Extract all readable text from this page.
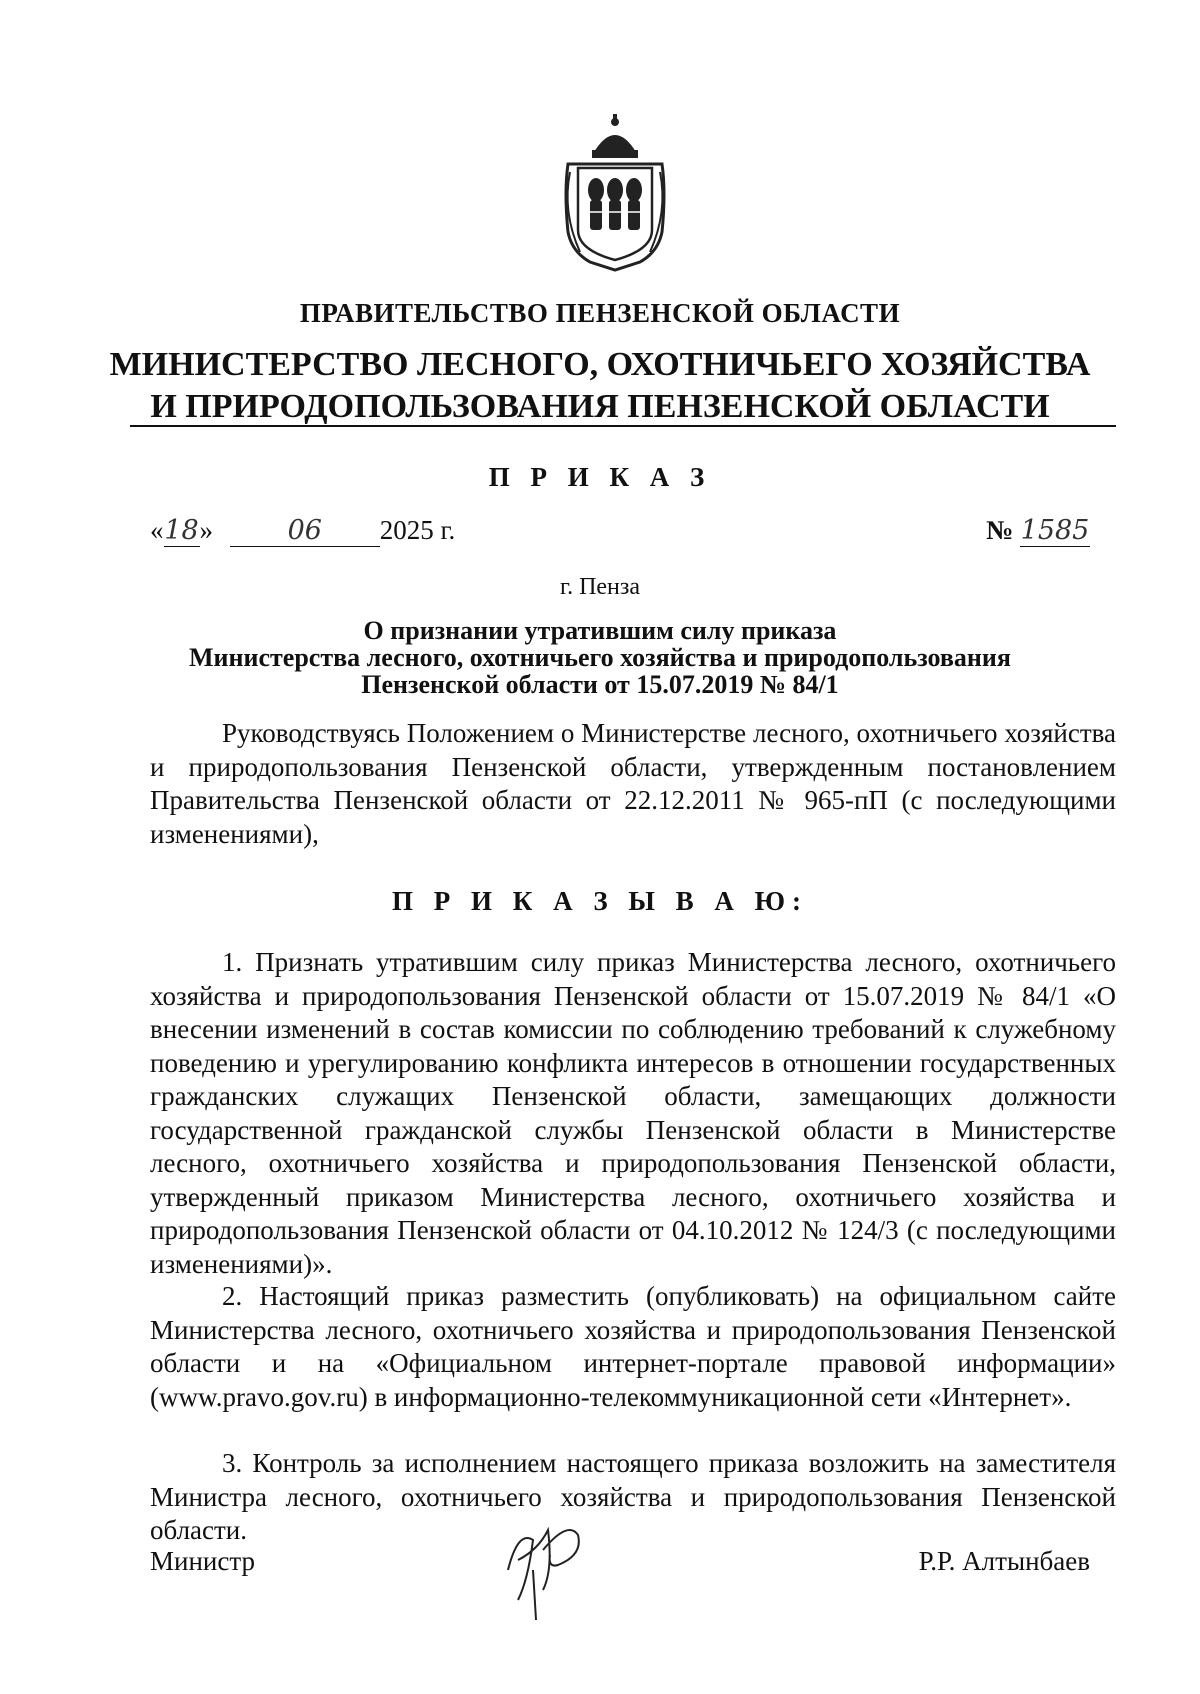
ПРАВИТЕЛЬСТВО ПЕНЗЕНСКОЙ ОБЛАСТИ
МИНИСТЕРСТВО ЛЕСНОГО, ОХОТНИЧЬЕГО ХОЗЯЙСТВА
И ПРИРОДОПОЛЬЗОВАНИЯ ПЕНЗЕНСКОЙ ОБЛАСТИ
П Р И К А З
«18»	06 2025 г.	№ 1585
г. Пенза
О признании утратившим силу приказа
Министерства лесного, охотничьего хозяйства и природопользования
Пензенской области от 15.07.2019 № 84/1
Руководствуясь Положением о Министерстве лесного, охотничьего хозяйства и природопользования Пензенской области, утвержденным постановлением Правительства Пензенской области от 22.12.2011 № 965-пП (с последующими изменениями),
П Р И К А З Ы В А Ю:
1. Признать утратившим силу приказ Министерства лесного, охотничьего хозяйства и природопользования Пензенской области от 15.07.2019 № 84/1 «О внесении изменений в состав комиссии по соблюдению требований к служебному поведению и урегулированию конфликта интересов в отношении государственных гражданских служащих Пензенской области, замещающих должности государственной гражданской службы Пензенской области в Министерстве лесного, охотничьего хозяйства и природопользования Пензенской области, утвержденный приказом Министерства лесного, охотничьего хозяйства и природопользования Пензенской области от 04.10.2012 № 124/3 (с последующими изменениями)».
2. Настоящий приказ разместить (опубликовать) на официальном сайте Министерства лесного, охотничьего хозяйства и природопользования Пензенской области и на «Официальном интернет-портале правовой информации» (www.pravo.gov.ru) в информационно-телекоммуникационной сети «Интернет».
3. Контроль за исполнением настоящего приказа возложить на заместителя Министра лесного, охотничьего хозяйства и природопользования Пензенской области.
Министр	Р.Р. Алтынбаев
